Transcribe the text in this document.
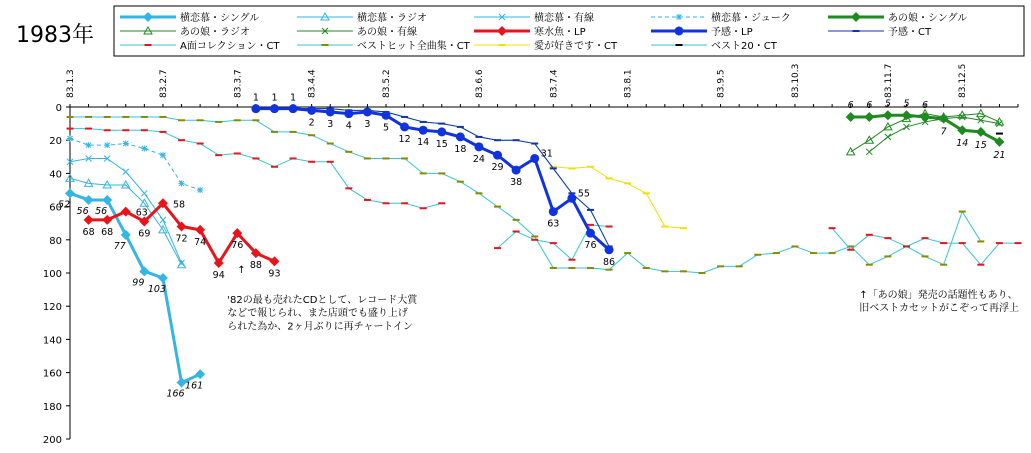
1983年
横恋慕・シングル	横恋慕・ラジオ	横恋慕・有線	横恋慕・ジューク	あの娘・シングル
あの娘・ラジオ	あの娘・有線	寒水魚・LP	予感・LP	予感・CT
A面コレクション・CT	ベストヒット全曲集・CT	愛が好きです・CT	ベスト20・CT
0
20
40
60
80
100
120
140
160
180
200
83.1.3	83.2.7	83.3.7	83.4.4	83.5.2	83.6.6	83.7.4	83.8.1	83.9.5	83.10.3	83.11.7	83.12.5
52
56 56
77
99
103
166
161
68 68
63
69
58
72 74
94
76
88
93
1 1 1
2 3 4 3 5
12 14 15 18
24
29
38
31
63
55
76
86
6 6 5 5 6
7
14 15
21
↑
'82の最も売れたCDとして、レコード大賞
などで報じられ、また店頭でも盛り上げ
られた為か、2ヶ月ぶりに再チャートイン
↑「あの娘」発売の話題性もあり、
旧ベストカセットがこぞって再浮上
